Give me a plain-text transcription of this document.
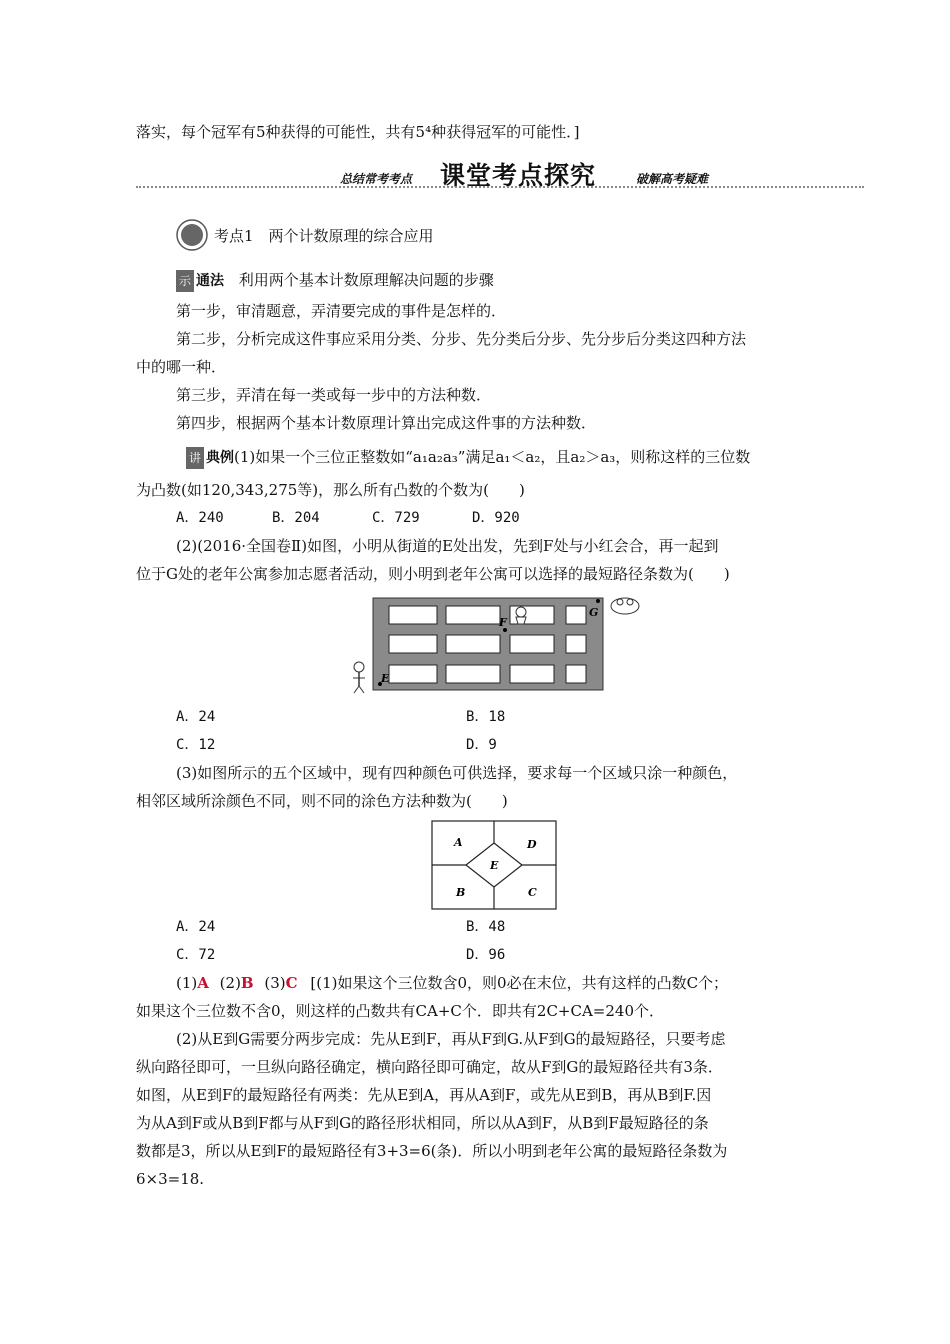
落实，每个冠军有5种获得的可能性，共有5⁴种获得冠军的可能性．]
总结常考考点 课堂考点探究	破解高考疑难
考点1　两个计数原理的综合应用
示 通法 利用两个基本计数原理解决问题的步骤
第一步，审清题意，弄清要完成的事件是怎样的．
第二步，分析完成这件事应采用分类、分步、先分类后分步、先分步后分类这四种方法
中的哪一种．
第三步，弄清在每一类或每一步中的方法种数．
第四步，根据两个基本计数原理计算出完成这件事的方法种数．
讲 典例(1)如果一个三位正整数如“a₁a₂a₃”满足a₁＜a₂，且a₂＞a₃，则称这样的三位数
为凸数(如120,343,275等)，那么所有凸数的个数为(　　)
A．240	B．204	C．729	D．920
(2)(2016·全国卷Ⅱ)如图，小明从街道的E处出发，先到F处与小红会合，再一起到
位于G处的老年公寓参加志愿者活动，则小明到老年公寓可以选择的最短路径条数为(　　)
E
F
G
A．24	B．18
C．12	D．9
(3)如图所示的五个区域中，现有四种颜色可供选择，要求每一个区域只涂一种颜色，
相邻区域所涂颜色不同，则不同的涂色方法种数为(　　)
A	D
E
B	C
A．24	B．48
C．72	D．96
(1)A (2)B (3)C [(1)如果这个三位数含0，则0必在末位，共有这样的凸数C个；
如果这个三位数不含0，则这样的凸数共有CA+C个．即共有2C+CA=240个．
(2)从E到G需要分两步完成：先从E到F，再从F到G.从F到G的最短路径，只要考虑
纵向路径即可，一旦纵向路径确定，横向路径即可确定，故从F到G的最短路径共有3条．
如图，从E到F的最短路径有两类：先从E到A，再从A到F，或先从E到B，再从B到F.因
为从A到F或从B到F都与从F到G的路径形状相同，所以从A到F，从B到F最短路径的条
数都是3，所以从E到F的最短路径有3+3=6(条)．所以小明到老年公寓的最短路径条数为
6×3=18.
